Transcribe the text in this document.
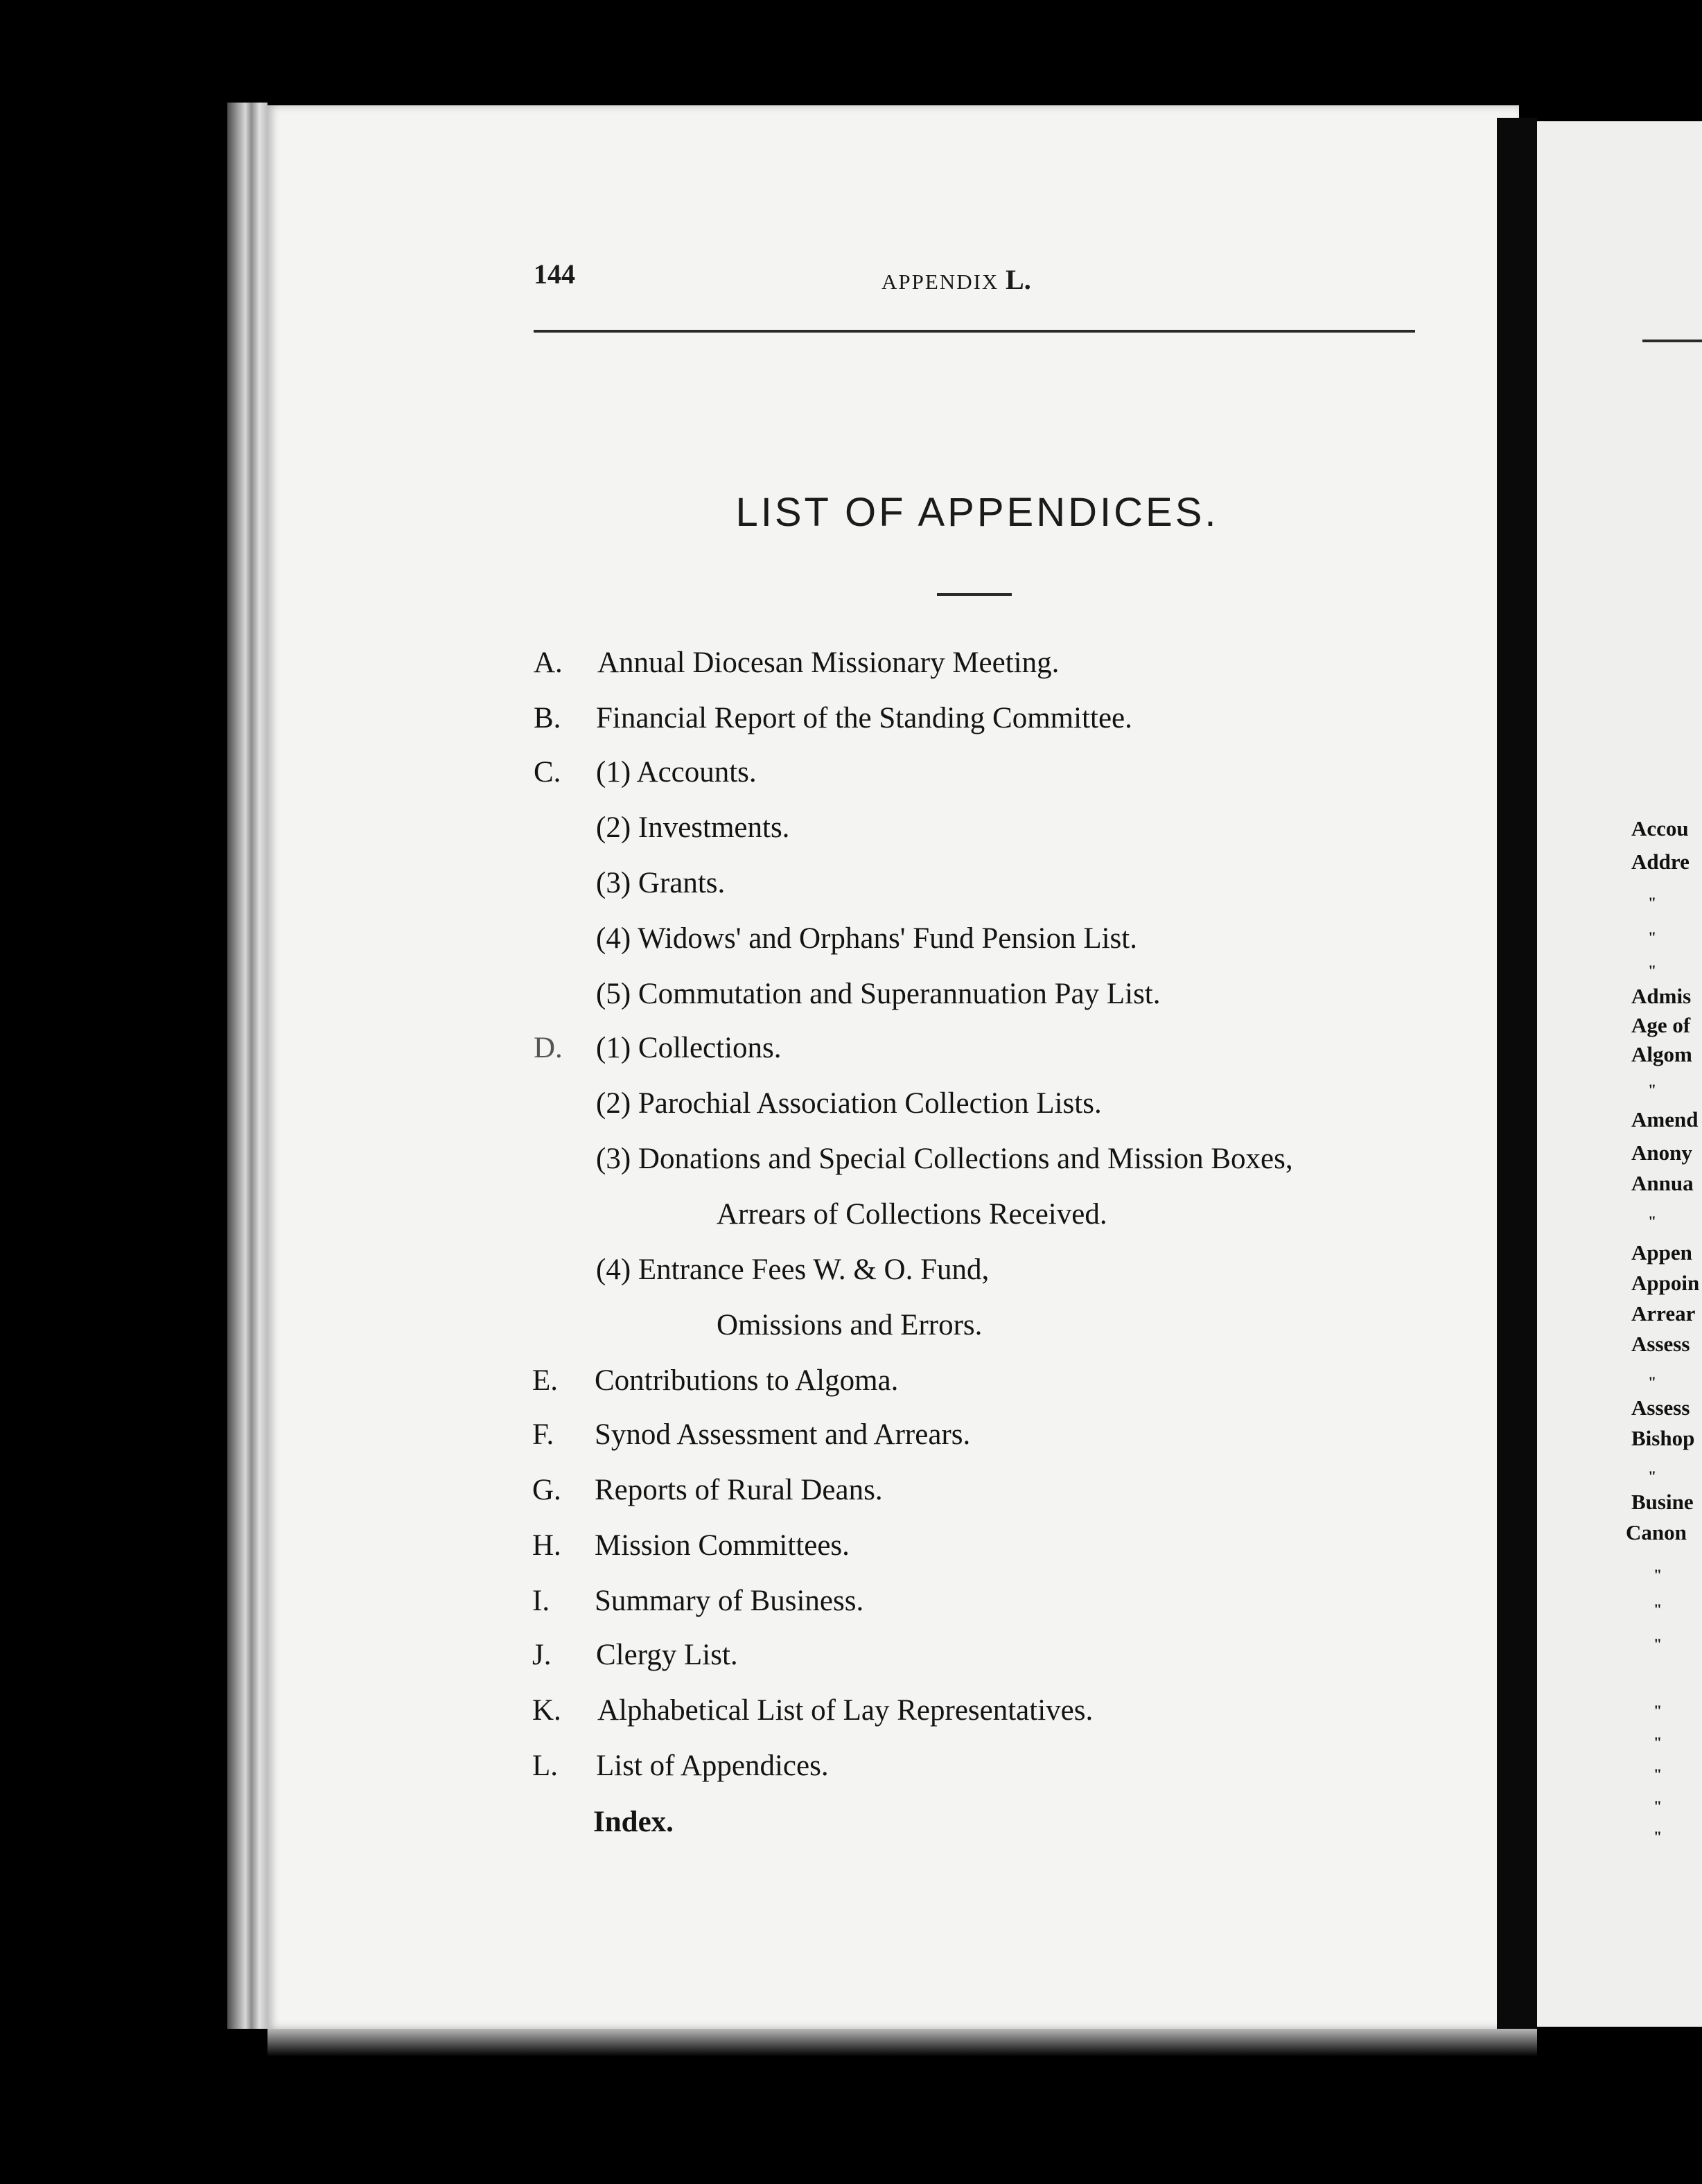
144	APPENDIX L.
LIST OF APPENDICES.
A. Annual Diocesan Missionary Meeting.
B. Financial Report of the Standing Committee.
C. (1) Accounts.
(2) Investments.
(3) Grants.
(4) Widows' and Orphans' Fund Pension List.
(5) Commutation and Superannuation Pay List.
D. (1) Collections.
(2) Parochial Association Collection Lists.
(3) Donations and Special Collections and Mission Boxes,
Arrears of Collections Received.
(4) Entrance Fees W. & O. Fund,
Omissions and Errors.
E. Contributions to Algoma.
F. Synod Assessment and Arrears.
G. Reports of Rural Deans.
H. Mission Committees.
I. Summary of Business.
J. Clergy List.
K. Alphabetical List of Lay Representatives.
L. List of Appendices.
Index.
Accou
Addre
"
"
"
Admis
Age of
Algom
"
Amend
Anony
Annua
"
Appen
Appoin
Arrear
Assess
"
Assess
Bishop
"
Busine
Canon
"
"
"
"
"
"
"
"
